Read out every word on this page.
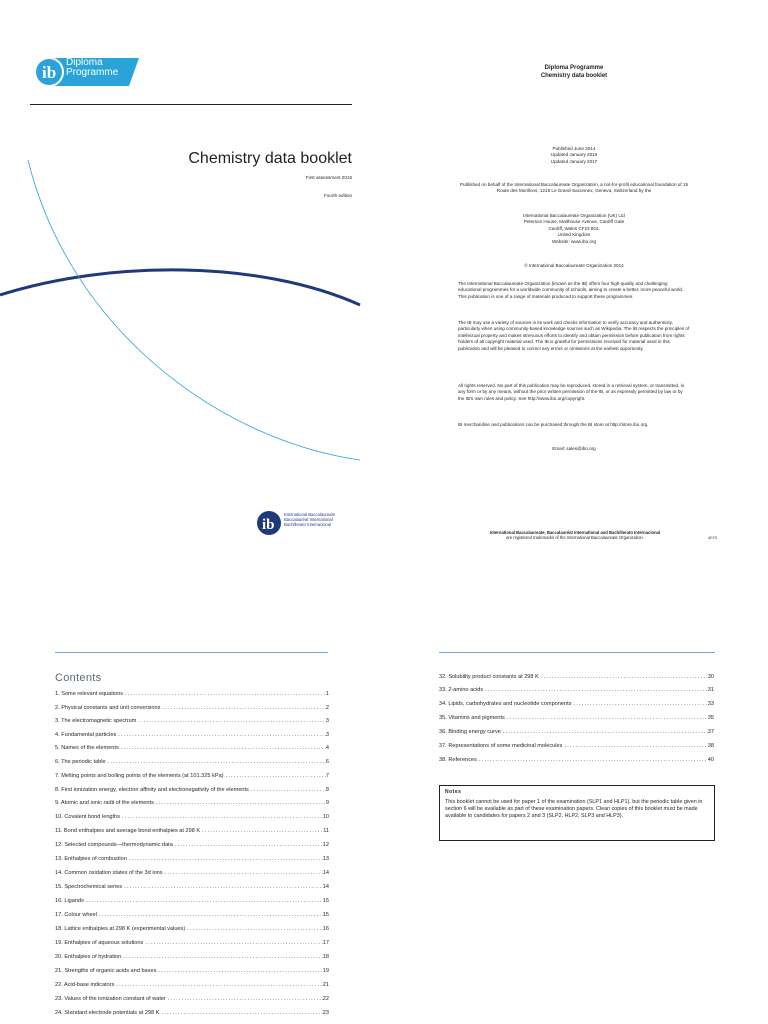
ib
Diploma
Programme
Chemistry data booklet
First assessment 2016
Fourth edition
ib
International Baccalaureate
Baccalauréat International
Bachillerato Internacional
Diploma Programme
Chemistry data booklet
Published June 2014
Updated January 2016
Updated January 2017
Published on behalf of the International Baccalaureate Organization, a not-for-profit educational foundation of 15 Route des Morillons, 1218 Le Grand-Saconnex, Geneva, Switzerland by the
International Baccalaureate Organization (UK) Ltd
Peterson House, Malthouse Avenue, Cardiff Gate
Cardiff, Wales CF23 8GL
United Kingdom
Website: www.ibo.org
© International Baccalaureate Organization 2014
The International Baccalaureate Organization (known as the IB) offers four high-quality and challenging educational programmes for a worldwide community of schools, aiming to create a better, more peaceful world. This publication is one of a range of materials produced to support these programmes.
The IB may use a variety of sources in its work and checks information to verify accuracy and authenticity, particularly when using community-based knowledge sources such as Wikipedia. The IB respects the principles of intellectual property and makes strenuous efforts to identify and obtain permission before publication from rights holders of all copyright material used. The IB is grateful for permissions received for material used in this publication and will be pleased to correct any errors or omissions at the earliest opportunity.
All rights reserved. No part of this publication may be reproduced, stored in a retrieval system, or transmitted, in any form or by any means, without the prior written permission of the IB, or as expressly permitted by law or by the IB's own rules and policy. See http://www.ibo.org/copyright.
IB merchandise and publications can be purchased through the IB store at http://store.ibo.org.
Email: sales@ibo.org
International Baccalaureate, Baccalauréat International and Bachillerato Internacional
are registered trademarks of the International Baccalaureate Organization.	4073
Contents
1. Some relevant equations .....	1
2. Physical constants and unit conversions .....	2
3. The electromagnetic spectrum .....	3
4. Fundamental particles .....	3
5. Names of the elements .....	4
6. The periodic table .....	6
7. Melting points and boiling points of the elements (at 101.325 kPa) .....	7
8. First ionization energy, electron affinity and electronegativity of the elements .....	8
9. Atomic and ionic radii of the elements .....	9
10. Covalent bond lengths .....	10
11. Bond enthalpies and average bond enthalpies at 298 K .....	11
12. Selected compounds—thermodynamic data .....	12
13. Enthalpies of combustion .....	13
14. Common oxidation states of the 3d ions .....	14
15. Spectrochemical series .....	14
16. Ligands .....	15
17. Colour wheel .....	15
18. Lattice enthalpies at 298 K (experimental values) .....	16
19. Enthalpies of aqueous solutions .....	17
20. Enthalpies of hydration .....	18
21. Strengths of organic acids and bases .....	19
22. Acid-base indicators .....	21
23. Values of the ionization constant of water .....	22
24. Standard electrode potentials at 298 K .....	23
32. Solubility product constants at 298 K .....	30
33. 2-amino acids .....	31
34. Lipids, carbohydrates and nucleotide components .....	33
35. Vitamins and pigments .....	35
36. Binding energy curve .....	37
37. Representations of some medicinal molecules .....	38
38. References .....	40
Notes
This booklet cannot be used for paper 1 of the examination (SLP1 and HLP1), but the periodic table given in section 6 will be available as part of these examination papers. Clean copies of this booklet must be made available to candidates for papers 2 and 3 (SLP2, HLP2, SLP3 and HLP3).
